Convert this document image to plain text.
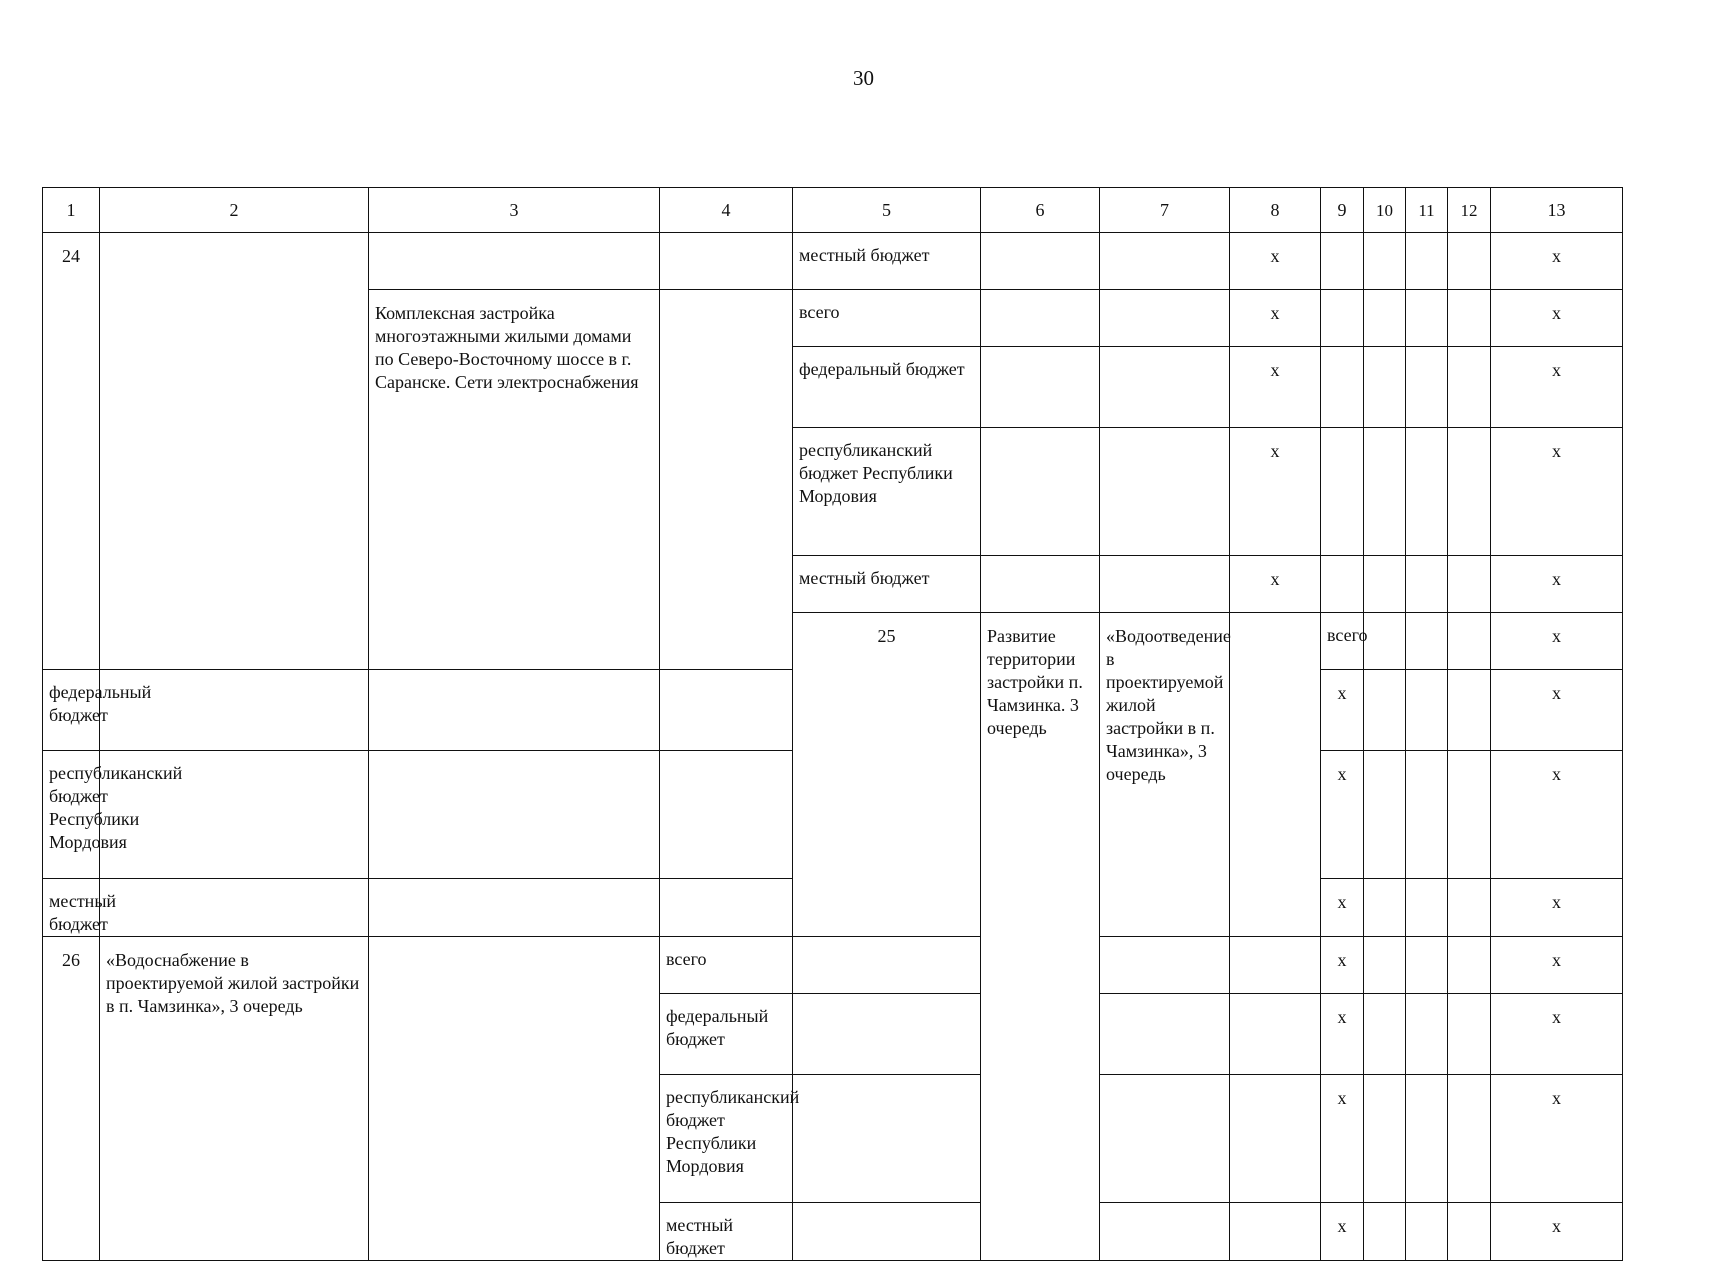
30
1	2	3	4	5	6	7	8	9	10	11	12	13	
24				местный бюджет			x					x	
		Комплексная застройка многоэтажными жилыми домами по Северо-Восточному шоссе в г. Саранске. Сети электроснабжения		всего			x					x	
				федеральный бюджет			x					x	
				республиканский бюджет Республики Мордовия			x					x	
				местный бюджет			x					x	
				25	Развитие территории застройки п. Чамзинка. 3 очередь	«Водоотведение в проектируемой жилой застройки в п. Чамзинка», 3 очередь		всего				x				
федеральный бюджет								x				x	
республиканский бюджет Республики Мордовия								x				x	
местный бюджет								x				x	
26	«Водоснабжение в проектируемой жилой застройки в п. Чамзинка», 3 очередь		всего					x				x	
			федеральный бюджет					x				x	
			республиканский бюджет Республики Мордовия					x				x	
			местный бюджет					x				x	
